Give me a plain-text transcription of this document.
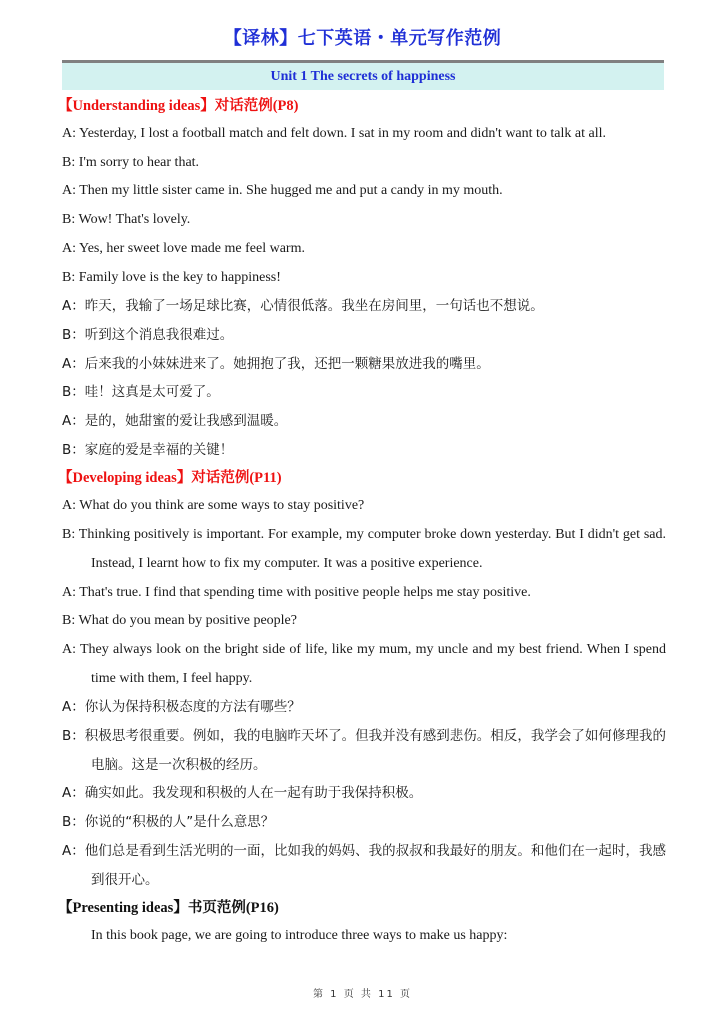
【译林】七下英语・单元写作范例
Unit 1 The secrets of happiness
【Understanding ideas】对话范例(P8)
A: Yesterday, I lost a football match and felt down. I sat in my room and didn't want to talk at all.
B: I'm sorry to hear that.
A: Then my little sister came in. She hugged me and put a candy in my mouth.
B: Wow! That's lovely.
A: Yes, her sweet love made me feel warm.
B: Family love is the key to happiness!
A：昨天，我输了一场足球比赛，心情很低落。我坐在房间里，一句话也不想说。
B：听到这个消息我很难过。
A：后来我的小妹妹进来了。她拥抱了我，还把一颗糖果放进我的嘴里。
B：哇！这真是太可爱了。
A：是的，她甜蜜的爱让我感到温暖。
B：家庭的爱是幸福的关键！
【Developing ideas】对话范例(P11)
A: What do you think are some ways to stay positive?
B: Thinking positively is important. For example, my computer broke down yesterday. But I didn't get sad. Instead, I learnt how to fix my computer. It was a positive experience.
A: That's true. I find that spending time with positive people helps me stay positive.
B: What do you mean by positive people?
A: They always look on the bright side of life, like my mum, my uncle and my best friend. When I spend time with them, I feel happy.
A：你认为保持积极态度的方法有哪些？
B：积极思考很重要。例如，我的电脑昨天坏了。但我并没有感到悲伤。相反，我学会了如何修理我的电脑。这是一次积极的经历。
A：确实如此。我发现和积极的人在一起有助于我保持积极。
B：你说的“积极的人”是什么意思？
A：他们总是看到生活光明的一面，比如我的妈妈、我的叔叔和我最好的朋友。和他们在一起时，我感到很开心。
【Presenting ideas】书页范例(P16)
In this book page, we are going to introduce three ways to make us happy:
第 1 页 共 11 页
